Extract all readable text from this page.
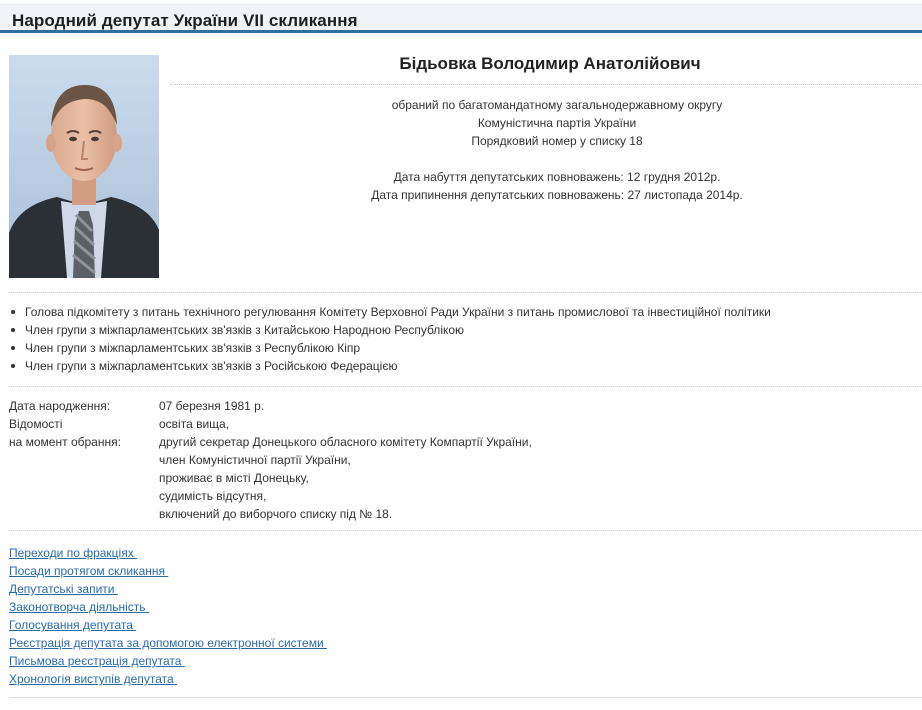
Народний депутат України VII скликання
Бідьовка Володимир Анатолійович
обраний по багатомандатному загальнодержавному округу
Комуністична партія України
Порядковий номер у списку 18
Дата набуття депутатських повноважень: 12 грудня 2012р.
Дата припинення депутатських повноважень: 27 листопада 2014р.
Голова підкомітету з питань технічного регулювання Комітету Верховної Ради України з питань промислової та інвестиційної політики
Член групи з міжпарламентських зв'язків з Китайською Народною Республікою
Член групи з міжпарламентських зв'язків з Республікою Кіпр
Член групи з міжпарламентських зв'язків з Російською Федерацією
Дата народження:	07 березня 1981 р.
Відомості
на момент обрання:
освіта вища,
другий секретар Донецького обласного комітету Компартії України,
член Комуністичної партії України,
проживає в місті Донецьку,
судимість відсутня,
включений до виборчого списку під № 18.
Переходи по фракціях
Посади протягом скликання
Депутатські запити
Законотворча діяльність
Голосування депутата
Реєстрація депутата за допомогою електронної системи
Письмова реєстрація депутата
Хронологія виступів депутата
